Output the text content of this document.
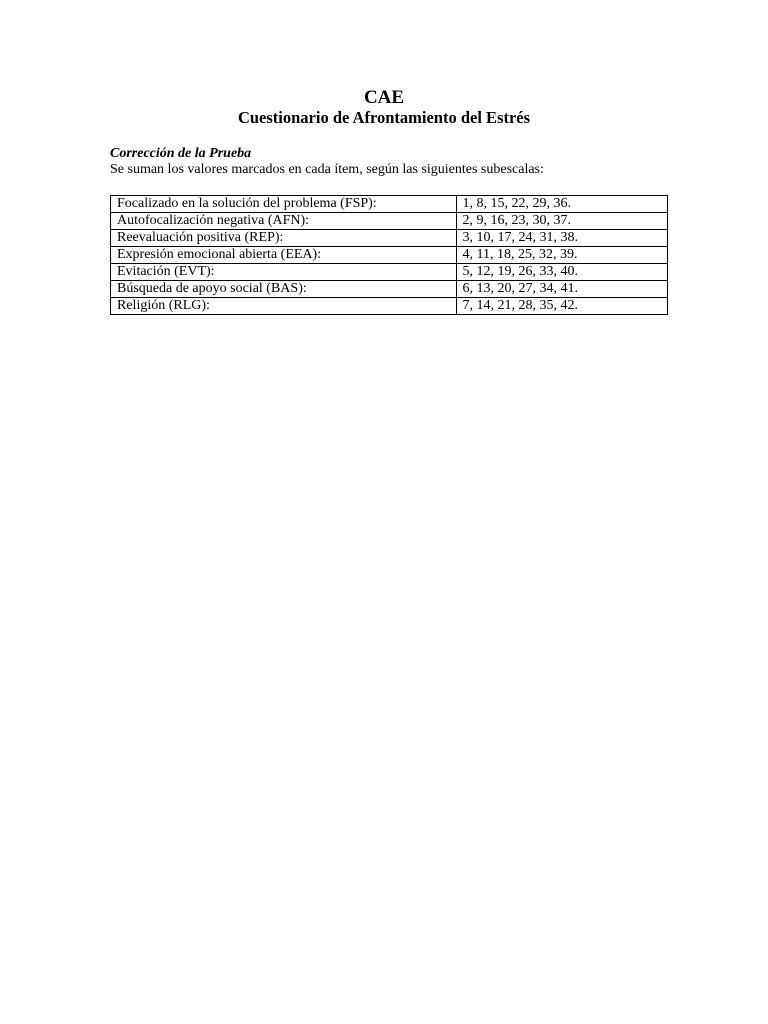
CAE
Cuestionario de Afrontamiento del Estrés
Corrección de la Prueba
Se suman los valores marcados en cada ítem, según las siguientes subescalas:
Focalizado en la solución del problema (FSP):	1, 8, 15, 22, 29, 36.
Autofocalización negativa (AFN):	2, 9, 16, 23, 30, 37.
Reevaluación positiva (REP):	3, 10, 17, 24, 31, 38.
Expresión emocional abierta (EEA):	4, 11, 18, 25, 32, 39.
Evitación (EVT):	5, 12, 19, 26, 33, 40.
Búsqueda de apoyo social (BAS):	6, 13, 20, 27, 34, 41.
Religión (RLG):	7, 14, 21, 28, 35, 42.
